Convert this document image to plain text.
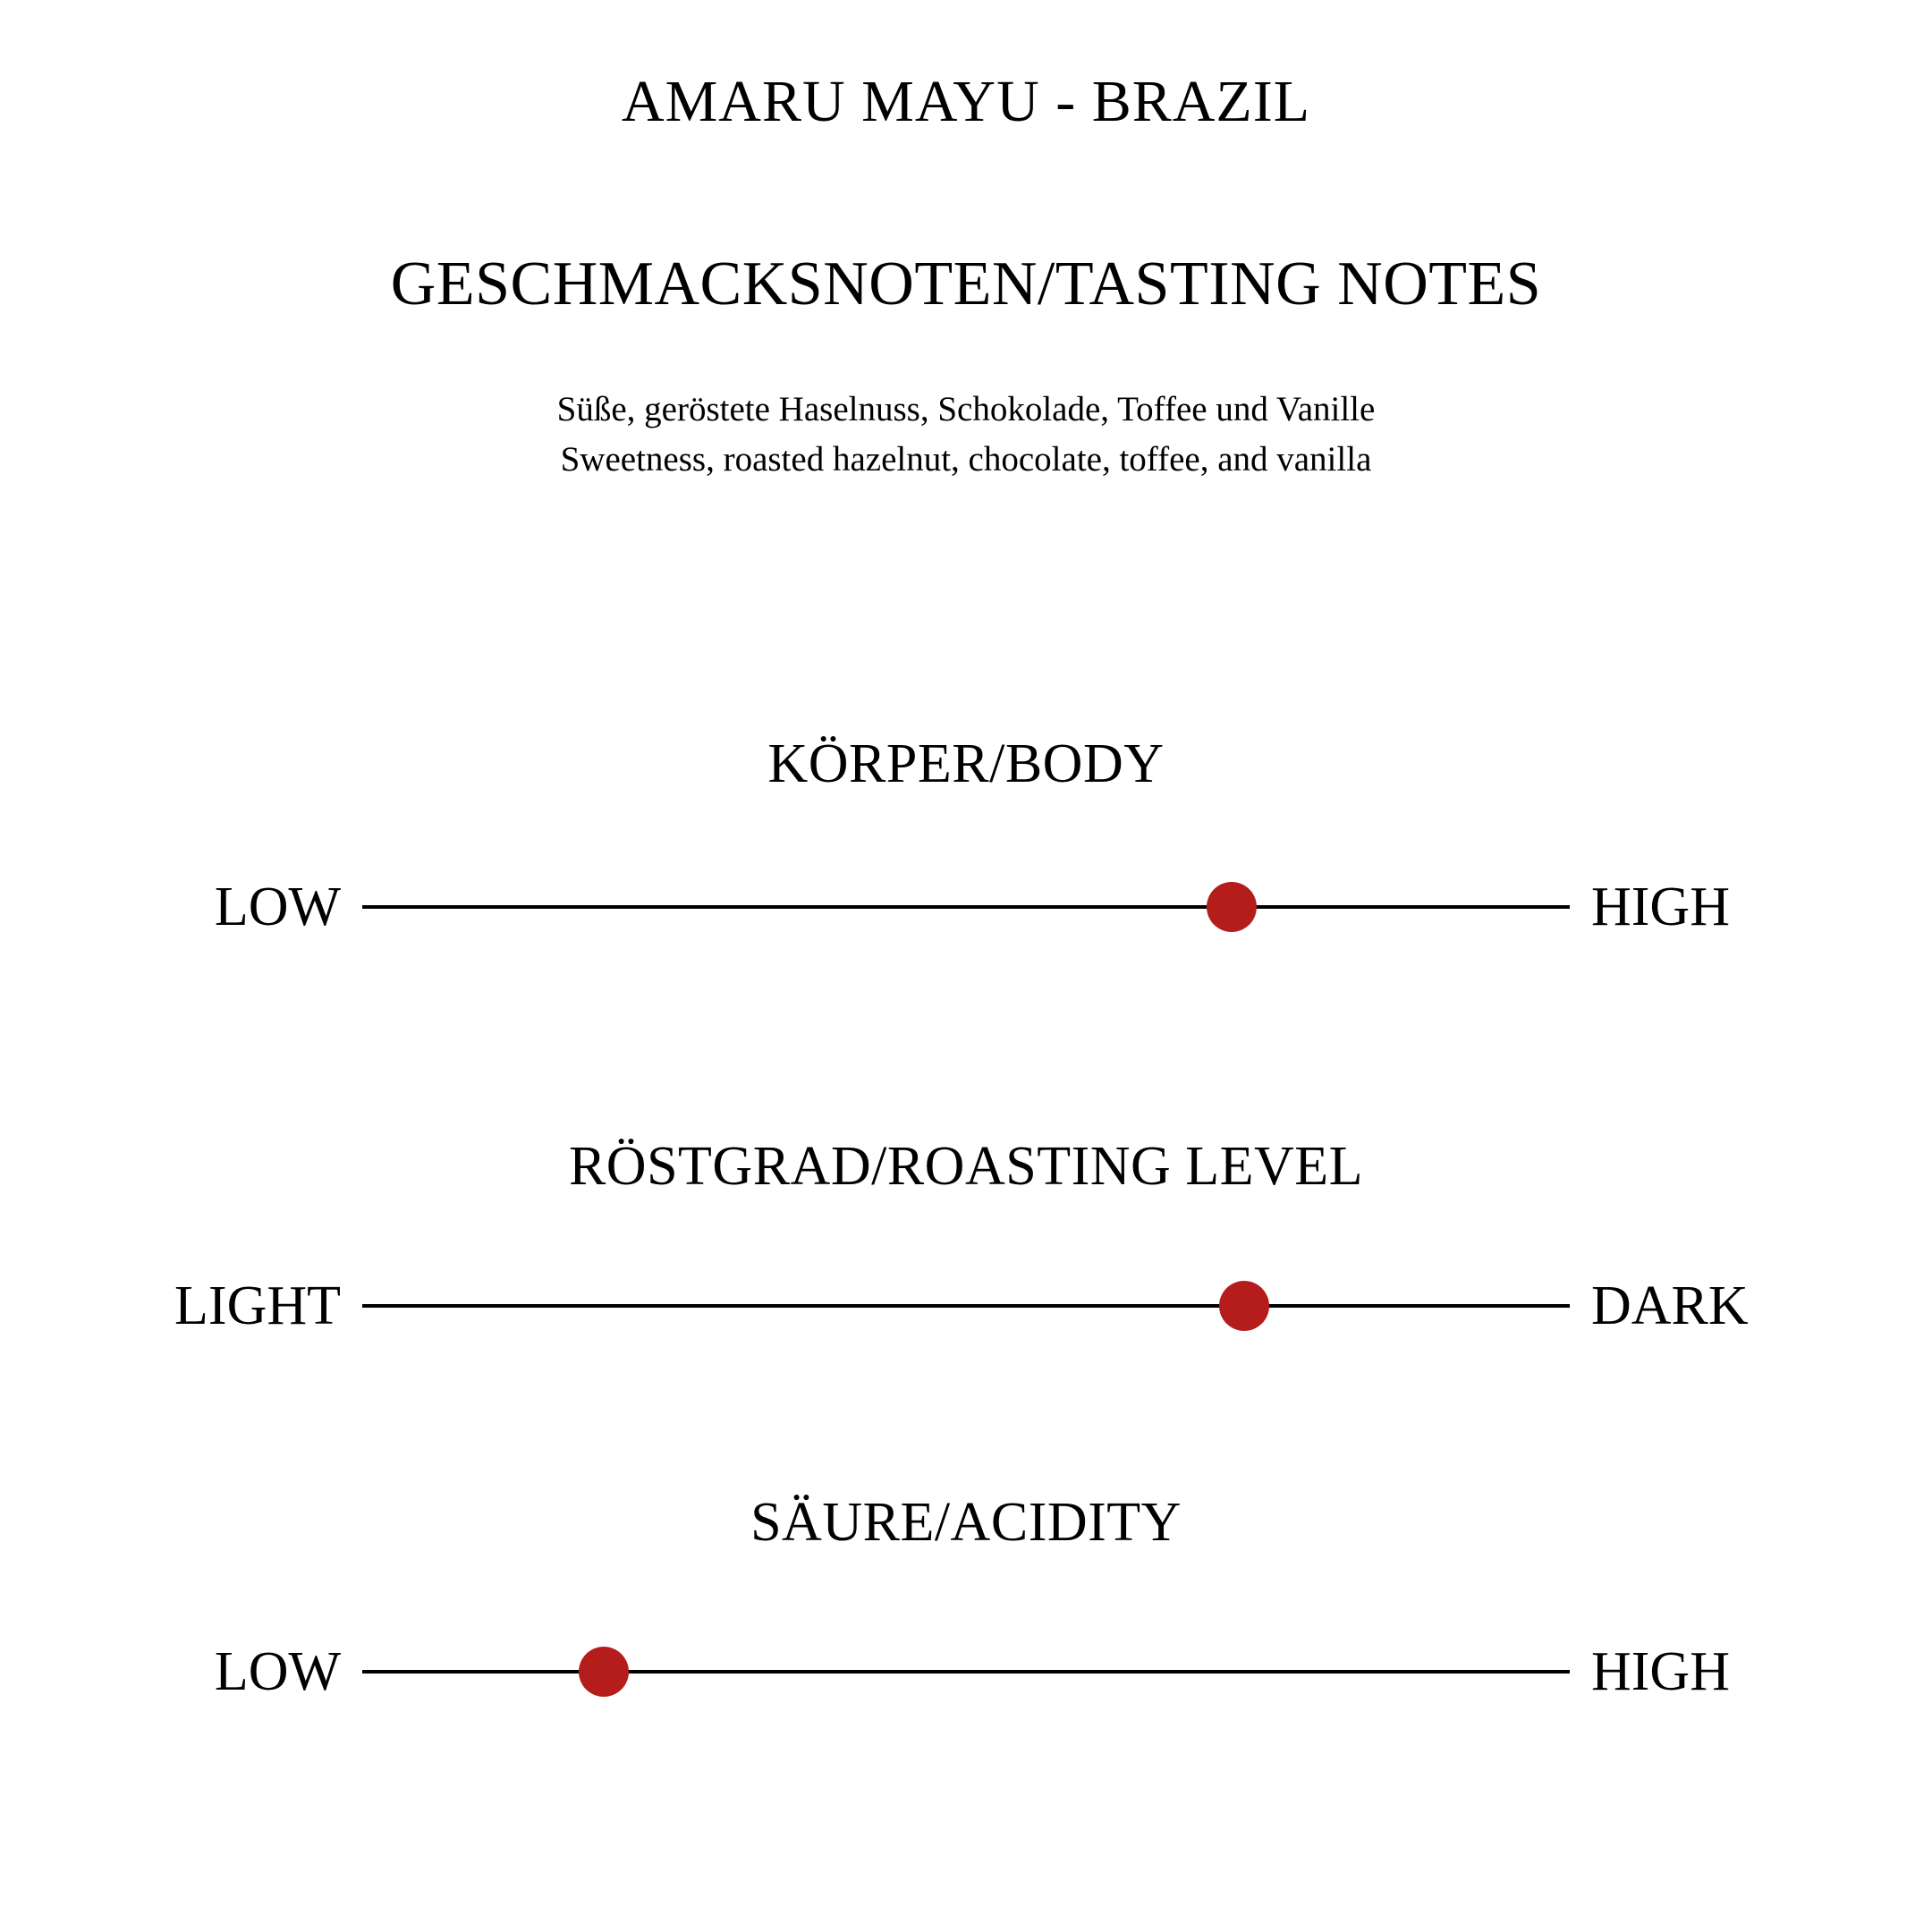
AMARU MAYU - BRAZIL
GESCHMACKSNOTEN/TASTING NOTES
Süße, geröstete Haselnuss, Schokolade, Toffee und Vanille
Sweetness, roasted hazelnut, chocolate, toffee, and vanilla
KÖRPER/BODY
LOW	HIGH
RÖSTGRAD/ROASTING LEVEL
LIGHT	DARK
SÄURE/ACIDITY
LOW	HIGH
